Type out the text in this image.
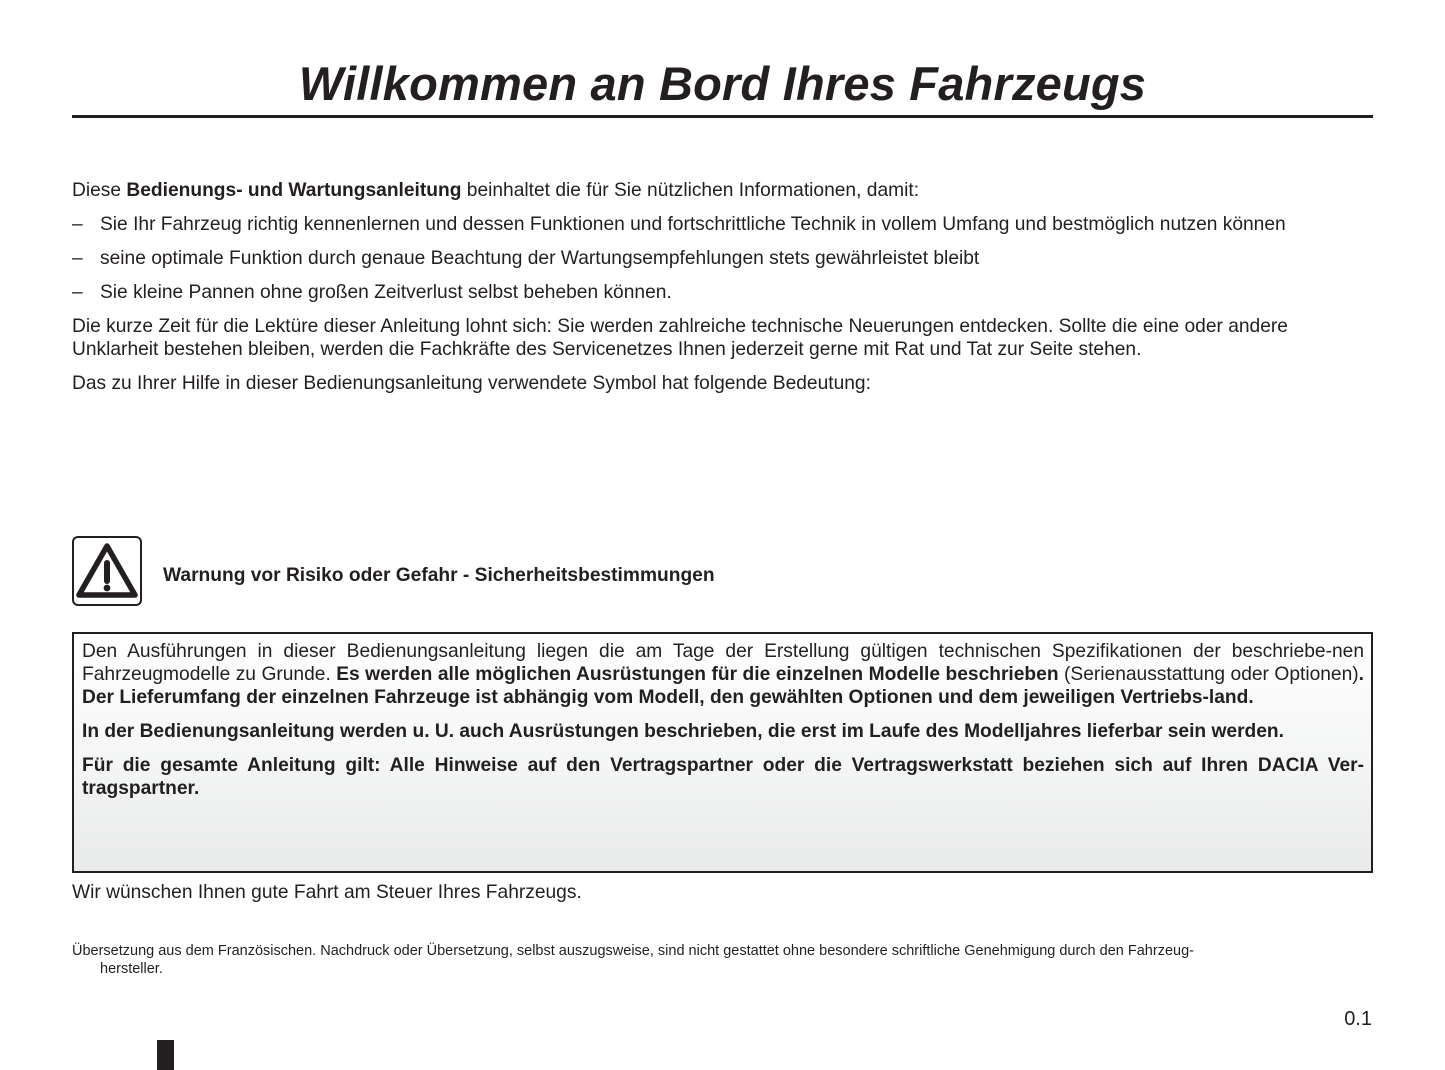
Willkommen an Bord Ihres Fahrzeugs

Diese Bedienungs- und Wartungsanleitung beinhaltet die für Sie nützlichen Informationen, damit:

– Sie Ihr Fahrzeug richtig kennenlernen und dessen Funktionen und fortschrittliche Technik in vollem Umfang und bestmöglich nutzen können
– seine optimale Funktion durch genaue Beachtung der Wartungsempfehlungen stets gewährleistet bleibt
– Sie kleine Pannen ohne großen Zeitverlust selbst beheben können.

Die kurze Zeit für die Lektüre dieser Anleitung lohnt sich: Sie werden zahlreiche technische Neuerungen entdecken. Sollte die eine oder andere Unklarheit bestehen bleiben, werden die Fachkräfte des Servicenetzes Ihnen jederzeit gerne mit Rat und Tat zur Seite stehen.

Das zu Ihrer Hilfe in dieser Bedienungsanleitung verwendete Symbol hat folgende Bedeutung:

Warnung vor Risiko oder Gefahr - Sicherheitsbestimmungen

Den Ausführungen in dieser Bedienungsanleitung liegen die am Tage der Erstellung gültigen technischen Spezifikationen der beschriebe-nen Fahrzeugmodelle zu Grunde. Es werden alle möglichen Ausrüstungen für die einzelnen Modelle beschrieben (Serienausstattung oder Optionen). Der Lieferumfang der einzelnen Fahrzeuge ist abhängig vom Modell, den gewählten Optionen und dem jeweiligen Vertriebs-land.

In der Bedienungsanleitung werden u. U. auch Ausrüstungen beschrieben, die erst im Laufe des Modelljahres lieferbar sein werden.

Für die gesamte Anleitung gilt: Alle Hinweise auf den Vertragspartner oder die Vertragswerkstatt beziehen sich auf Ihren DACIA Ver-tragspartner.

Wir wünschen Ihnen gute Fahrt am Steuer Ihres Fahrzeugs.

Übersetzung aus dem Französischen. Nachdruck oder Übersetzung, selbst auszugsweise, sind nicht gestattet ohne besondere schriftliche Genehmigung durch den Fahrzeug-
hersteller.

0.1
